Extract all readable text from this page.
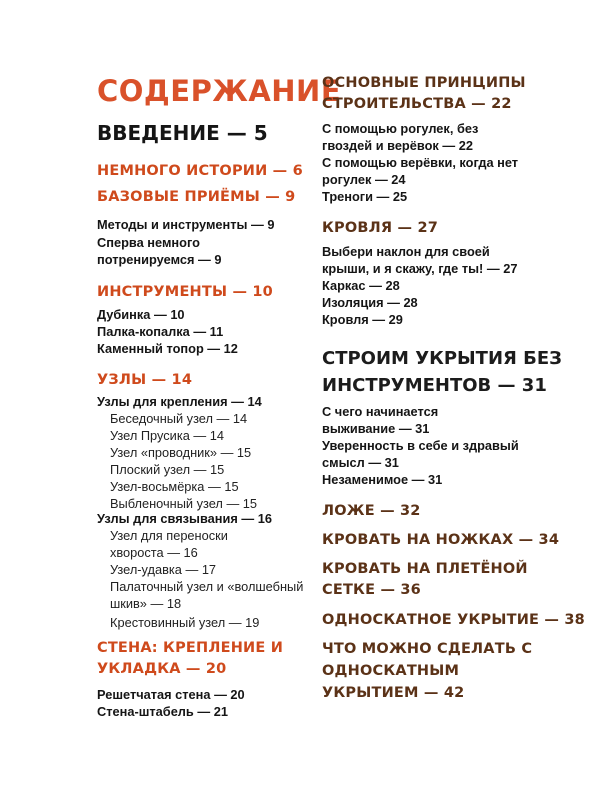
СОДЕРЖАНИЕ
ВВЕДЕНИЕ — 5
НЕМНОГО ИСТОРИИ — 6
БАЗОВЫЕ ПРИЁМЫ — 9
Методы и инструменты — 9
Сперва немного
потренируемся — 9
ИНСТРУМЕНТЫ — 10
Дубинка — 10
Палка-копалка — 11
Каменный топор — 12
УЗЛЫ — 14
Узлы для крепления — 14
Беседочный узел — 14
Узел Прусика — 14
Узел «проводник» — 15
Плоский узел — 15
Узел-восьмёрка — 15
Выбленочный узел — 15
Узлы для связывания — 16
Узел для переноски
хвороста — 16
Узел-удавка — 17
Палаточный узел и «волшебный
шкив» — 18
Крестовинный узел — 19
СТЕНА: КРЕПЛЕНИЕ И
УКЛАДКА — 20
Решетчатая стена — 20
Стена-штабель — 21
ОСНОВНЫЕ ПРИНЦИПЫ
СТРОИТЕЛЬСТВА — 22
С помощью рогулек, без
гвоздей и верёвок — 22
С помощью верёвки, когда нет
рогулек — 24
Треноги — 25
КРОВЛЯ — 27
Выбери наклон для своей
крыши, и я скажу, где ты! — 27
Каркас — 28
Изоляция — 28
Кровля — 29
СТРОИМ УКРЫТИЯ БЕЗ
ИНСТРУМЕНТОВ — 31
С чего начинается
выживание — 31
Уверенность в себе и здравый
смысл — 31
Незаменимое — 31
ЛОЖЕ — 32
КРОВАТЬ НА НОЖКАХ — 34
КРОВАТЬ НА ПЛЕТЁНОЙ
СЕТКЕ — 36
ОДНОСКАТНОЕ УКРЫТИЕ — 38
ЧТО МОЖНО СДЕЛАТЬ С
ОДНОСКАТНЫМ
УКРЫТИЕМ — 42
